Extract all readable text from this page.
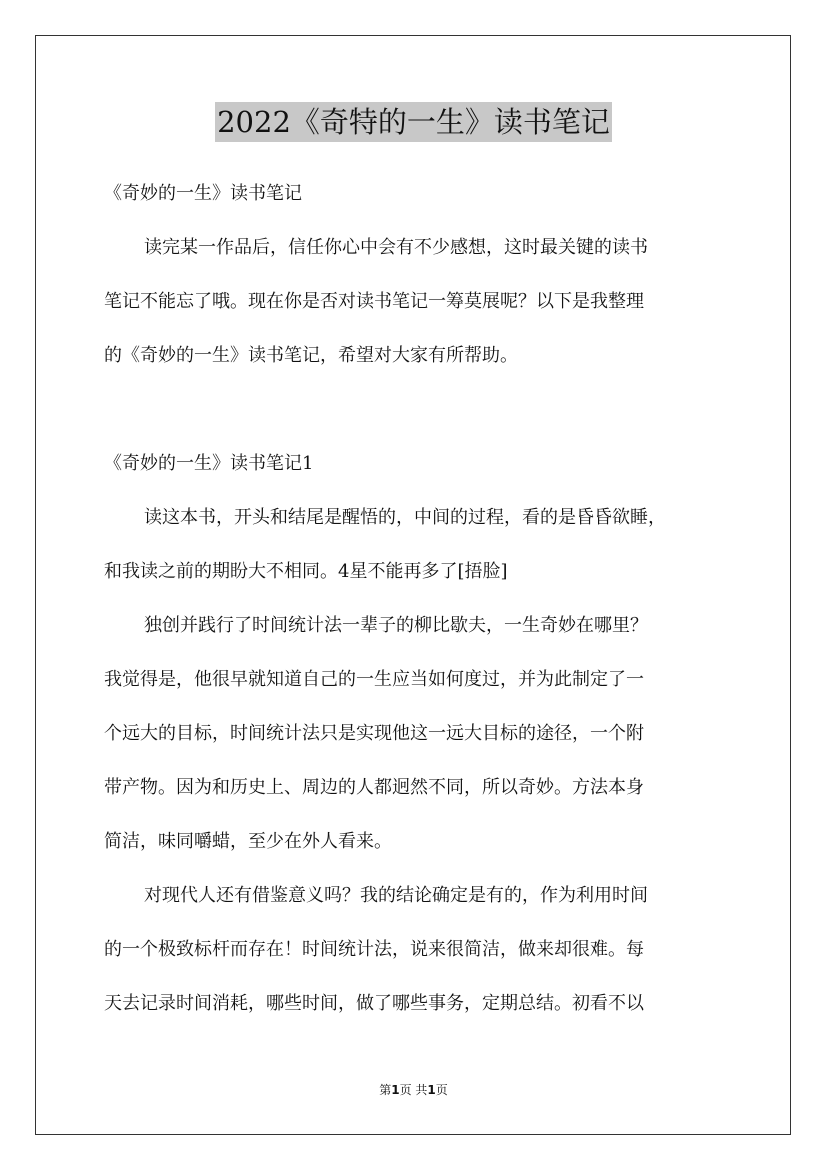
2022《奇特的一生》读书笔记
《奇妙的一生》读书笔记
读完某一作品后，信任你心中会有不少感想，这时最关键的读书
笔记不能忘了哦。现在你是否对读书笔记一筹莫展呢？以下是我整理
的《奇妙的一生》读书笔记，希望对大家有所帮助。
《奇妙的一生》读书笔记1
读这本书，开头和结尾是醒悟的，中间的过程，看的是昏昏欲睡，
和我读之前的期盼大不相同。4星不能再多了[捂脸]
独创并践行了时间统计法一辈子的柳比歇夫，一生奇妙在哪里？
我觉得是，他很早就知道自己的一生应当如何度过，并为此制定了一
个远大的目标，时间统计法只是实现他这一远大目标的途径，一个附
带产物。因为和历史上、周边的人都迥然不同，所以奇妙。方法本身
简洁，味同嚼蜡，至少在外人看来。
对现代人还有借鉴意义吗？我的结论确定是有的，作为利用时间
的一个极致标杆而存在！时间统计法，说来很简洁，做来却很难。每
天去记录时间消耗，哪些时间，做了哪些事务，定期总结。初看不以
第1页 共1页
